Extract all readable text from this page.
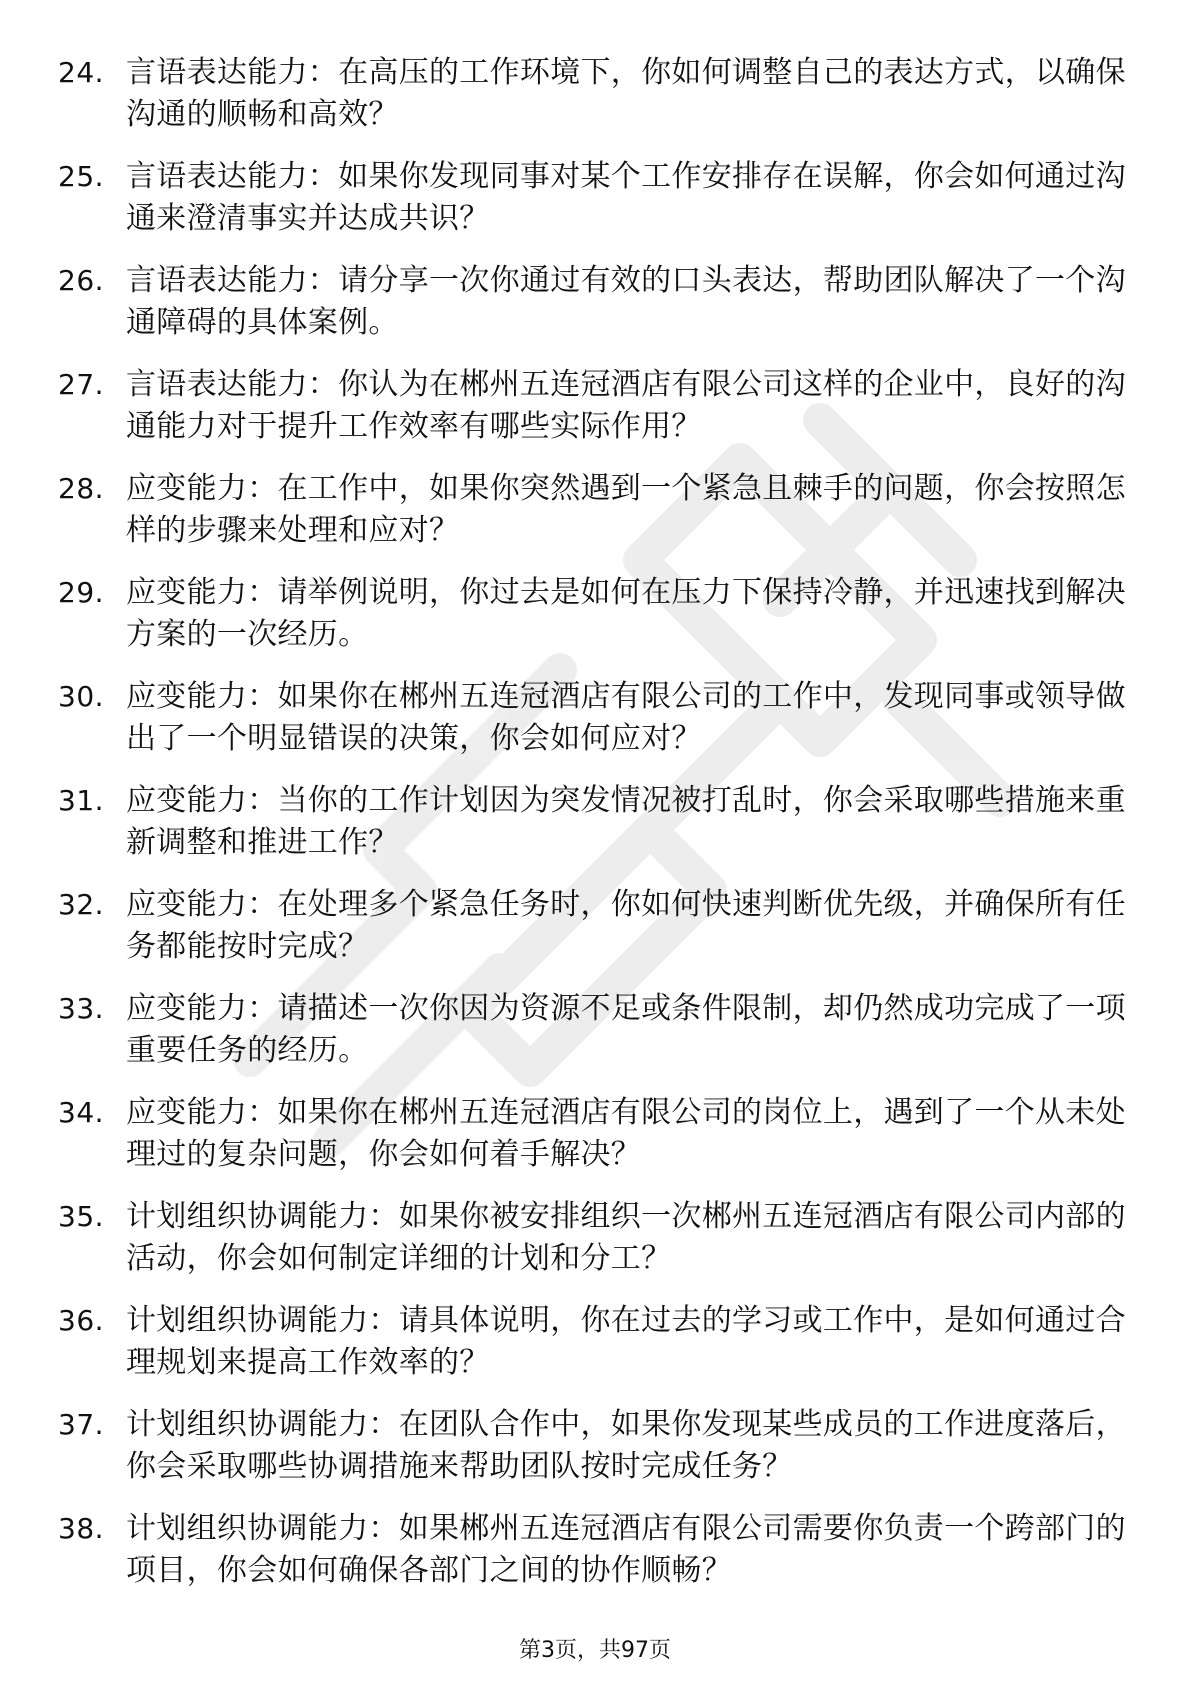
24. 言语表达能力：在高压的工作环境下，你如何调整自己的表达方式，以确保沟通的顺畅和高效？
25. 言语表达能力：如果你发现同事对某个工作安排存在误解，你会如何通过沟通来澄清事实并达成共识？
26. 言语表达能力：请分享一次你通过有效的口头表达，帮助团队解决了一个沟通障碍的具体案例。
27. 言语表达能力：你认为在郴州五连冠酒店有限公司这样的企业中，良好的沟通能力对于提升工作效率有哪些实际作用？
28. 应变能力：在工作中，如果你突然遇到一个紧急且棘手的问题，你会按照怎样的步骤来处理和应对？
29. 应变能力：请举例说明，你过去是如何在压力下保持冷静，并迅速找到解决方案的一次经历。
30. 应变能力：如果你在郴州五连冠酒店有限公司的工作中，发现同事或领导做出了一个明显错误的决策，你会如何应对？
31. 应变能力：当你的工作计划因为突发情况被打乱时，你会采取哪些措施来重新调整和推进工作？
32. 应变能力：在处理多个紧急任务时，你如何快速判断优先级，并确保所有任务都能按时完成？
33. 应变能力：请描述一次你因为资源不足或条件限制，却仍然成功完成了一项重要任务的经历。
34. 应变能力：如果你在郴州五连冠酒店有限公司的岗位上，遇到了一个从未处理过的复杂问题，你会如何着手解决？
35. 计划组织协调能力：如果你被安排组织一次郴州五连冠酒店有限公司内部的活动，你会如何制定详细的计划和分工？
36. 计划组织协调能力：请具体说明，你在过去的学习或工作中，是如何通过合理规划来提高工作效率的？
37. 计划组织协调能力：在团队合作中，如果你发现某些成员的工作进度落后，你会采取哪些协调措施来帮助团队按时完成任务？
38. 计划组织协调能力：如果郴州五连冠酒店有限公司需要你负责一个跨部门的项目，你会如何确保各部门之间的协作顺畅？
第3页，共97页
